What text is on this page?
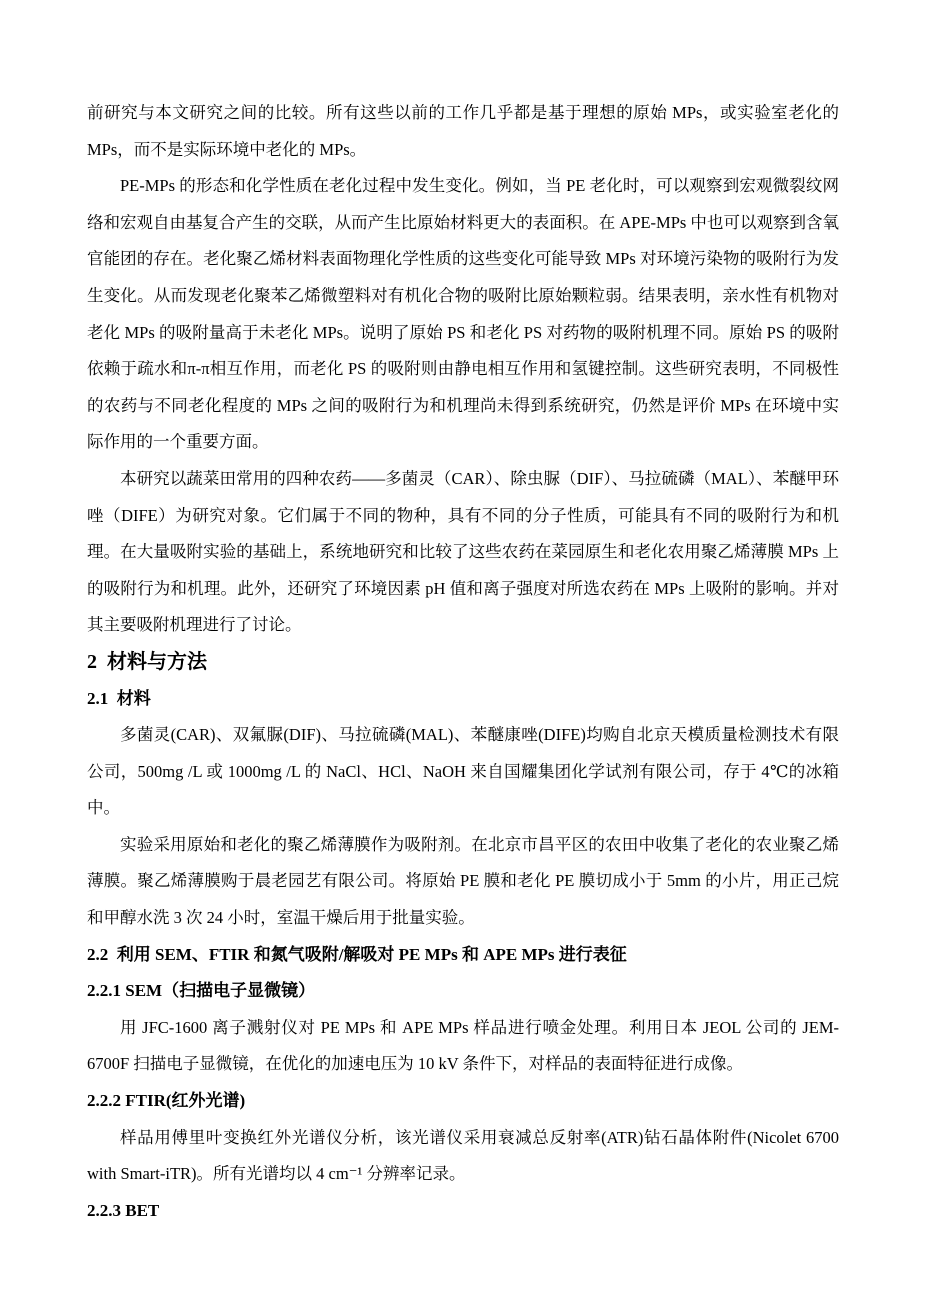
前研究与本文研究之间的比较。所有这些以前的工作几乎都是基于理想的原始 MPs，或实验室老化的 MPs，而不是实际环境中老化的 MPs。

PE-MPs 的形态和化学性质在老化过程中发生变化。例如，当 PE 老化时，可以观察到宏观微裂纹网络和宏观自由基复合产生的交联，从而产生比原始材料更大的表面积。在 APE-MPs 中也可以观察到含氧官能团的存在。老化聚乙烯材料表面物理化学性质的这些变化可能导致 MPs 对环境污染物的吸附行为发生变化。从而发现老化聚苯乙烯微塑料对有机化合物的吸附比原始颗粒弱。结果表明，亲水性有机物对老化 MPs 的吸附量高于未老化 MPs。说明了原始 PS 和老化 PS 对药物的吸附机理不同。原始 PS 的吸附依赖于疏水和π-π相互作用，而老化 PS 的吸附则由静电相互作用和氢键控制。这些研究表明，不同极性的农药与不同老化程度的 MPs 之间的吸附行为和机理尚未得到系统研究，仍然是评价 MPs 在环境中实际作用的一个重要方面。

本研究以蔬菜田常用的四种农药——多菌灵（CAR）、除虫脲（DIF）、马拉硫磷（MAL）、苯醚甲环唑（DIFE）为研究对象。它们属于不同的物种，具有不同的分子性质，可能具有不同的吸附行为和机理。在大量吸附实验的基础上，系统地研究和比较了这些农药在菜园原生和老化农用聚乙烯薄膜 MPs 上的吸附行为和机理。此外，还研究了环境因素 pH 值和离子强度对所选农药在 MPs 上吸附的影响。并对其主要吸附机理进行了讨论。

2  材料与方法
2.1  材料

多菌灵(CAR)、双氟脲(DIF)、马拉硫磷(MAL)、苯醚康唑(DIFE)均购自北京天模质量检测技术有限公司，500mg /L 或 1000mg /L 的 NaCl、HCl、NaOH 来自国耀集团化学试剂有限公司，存于 4℃的冰箱中。

实验采用原始和老化的聚乙烯薄膜作为吸附剂。在北京市昌平区的农田中收集了老化的农业聚乙烯薄膜。聚乙烯薄膜购于晨老园艺有限公司。将原始 PE 膜和老化 PE 膜切成小于 5mm 的小片，用正己烷和甲醇水洗 3 次 24 小时，室温干燥后用于批量实验。

2.2  利用 SEM、FTIR 和氮气吸附/解吸对 PE MPs 和 APE MPs 进行表征
2.2.1 SEM（扫描电子显微镜）

用 JFC-1600 离子溅射仪对 PE MPs 和 APE MPs 样品进行喷金处理。利用日本 JEOL 公司的 JEM-6700F 扫描电子显微镜，在优化的加速电压为 10 kV 条件下，对样品的表面特征进行成像。

2.2.2 FTIR(红外光谱)

样品用傅里叶变换红外光谱仪分析，该光谱仪采用衰减总反射率(ATR)钻石晶体附件(Nicolet 6700 with Smart-iTR)。所有光谱均以 4 cm⁻¹ 分辨率记录。

2.2.3 BET
